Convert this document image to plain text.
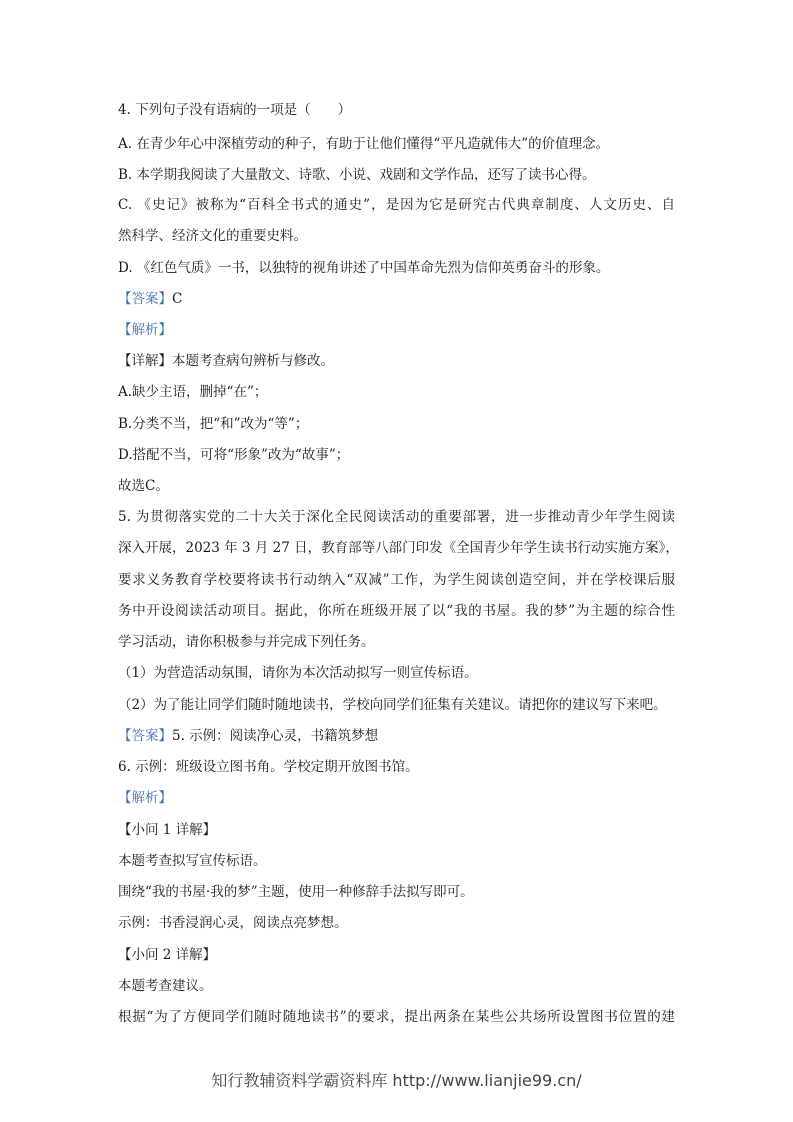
4. 下列句子没有语病的一项是（　　）
A. 在青少年心中深植劳动的种子，有助于让他们懂得“平凡造就伟大”的价值理念。
B. 本学期我阅读了大量散文、诗歌、小说、戏剧和文学作品，还写了读书心得。
C. 《史记》被称为“百科全书式的通史”，是因为它是研究古代典章制度、人文历史、自
然科学、经济文化的重要史料。
D. 《红色气质》一书，以独特的视角讲述了中国革命先烈为信仰英勇奋斗的形象。
【答案】C
【解析】
【详解】本题考查病句辨析与修改。
A.缺少主语，删掉“在”；
B.分类不当，把“和”改为“等”；
D.搭配不当，可将“形象”改为“故事”；
故选C。
5. 为贯彻落实党的二十大关于深化全民阅读活动的重要部署，进一步推动青少年学生阅读
深入开展，2023 年 3 月 27 日，教育部等八部门印发《全国青少年学生读书行动实施方案》，
要求义务教育学校要将读书行动纳入“双减”工作，为学生阅读创造空间，并在学校课后服
务中开设阅读活动项目。据此，你所在班级开展了以“我的书屋。我的梦”为主题的综合性
学习活动，请你积极参与并完成下列任务。
（1）为营造活动氛围，请你为本次活动拟写一则宣传标语。
（2）为了能让同学们随时随地读书，学校向同学们征集有关建议。请把你的建议写下来吧。
【答案】5. 示例：阅读净心灵，书籍筑梦想
6. 示例：班级设立图书角。学校定期开放图书馆。
【解析】
【小问 1 详解】
本题考查拟写宣传标语。
围绕“我的书屋·我的梦”主题，使用一种修辞手法拟写即可。
示例：书香浸润心灵，阅读点亮梦想。
【小问 2 详解】
本题考查建议。
根据“为了方便同学们随时随地读书”的要求，提出两条在某些公共场所设置图书位置的建
知行教辅资料学霸资料库 http://www.lianjie99.cn/
